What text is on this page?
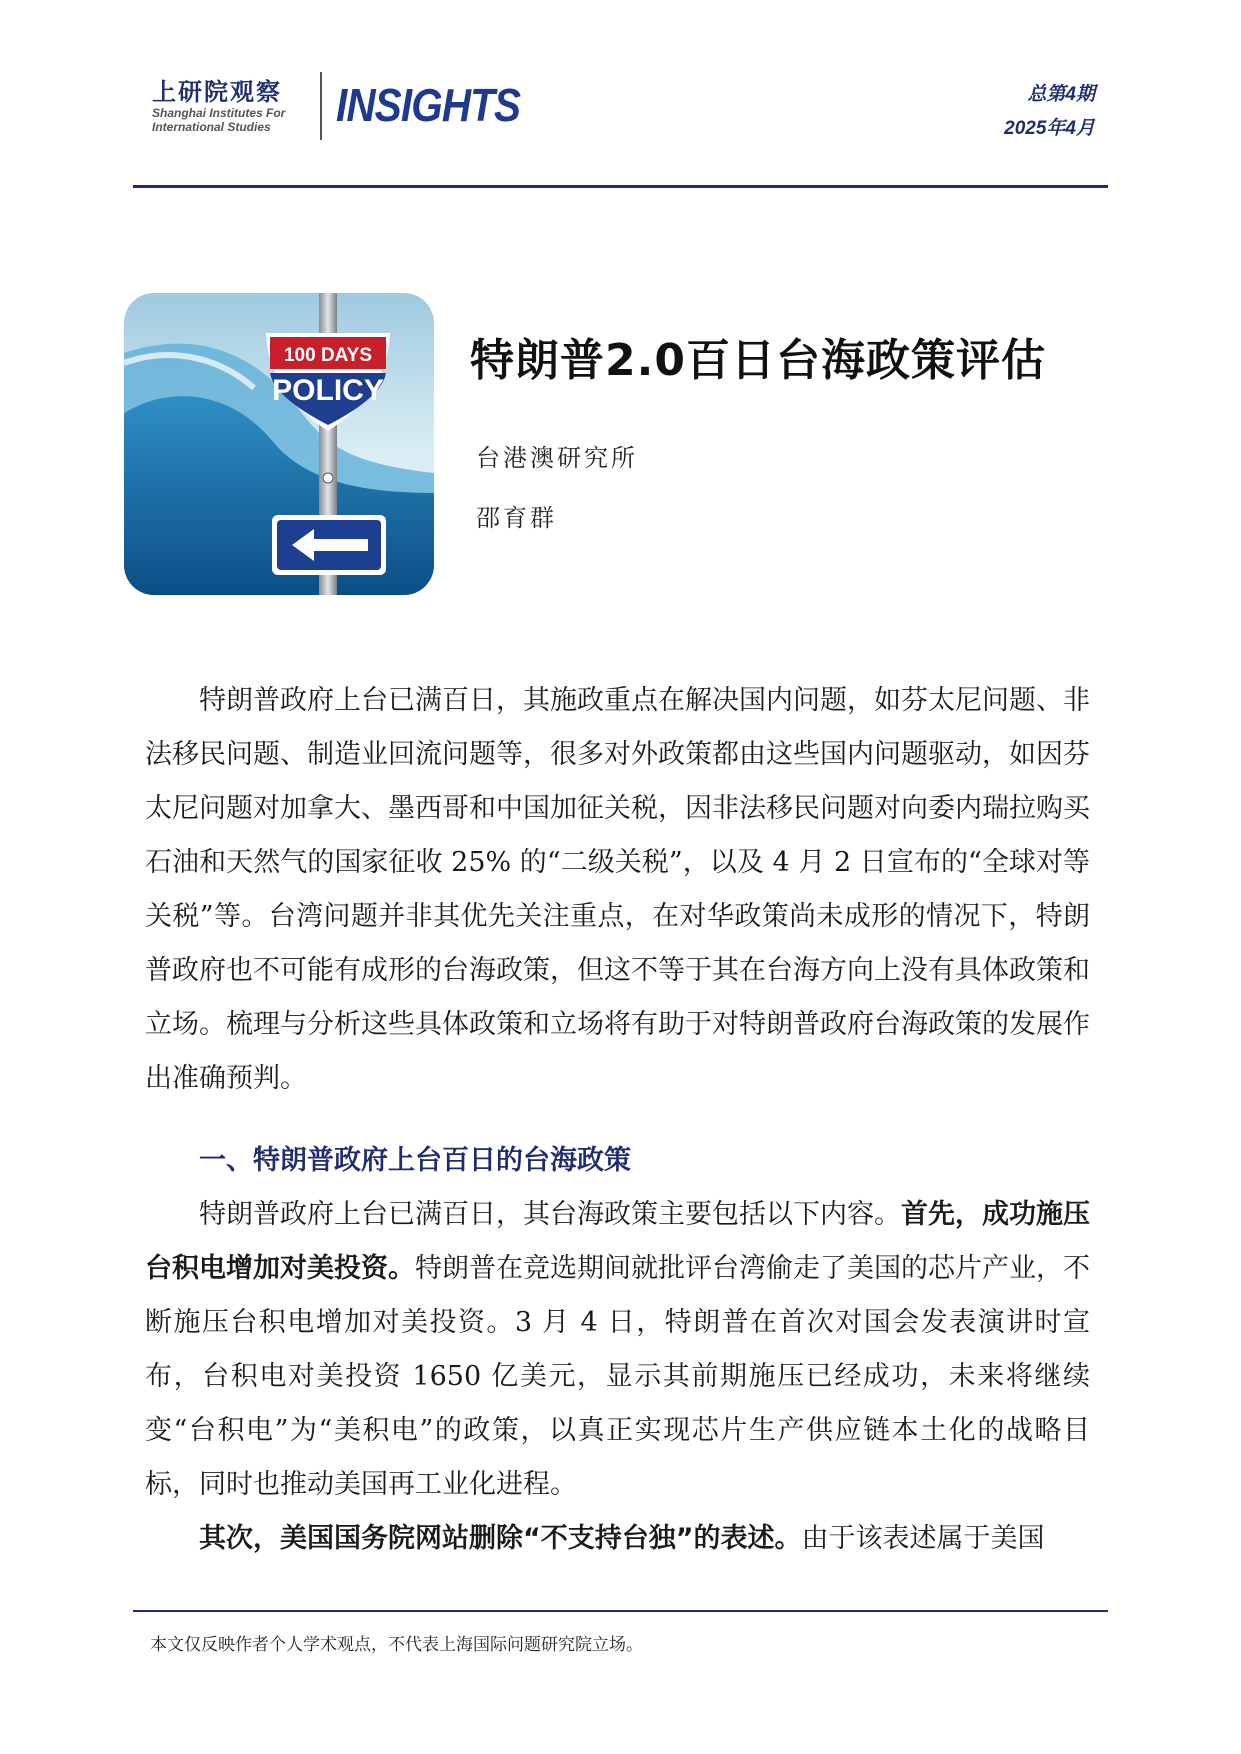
上研院观察
Shanghai Institutes For
International Studies	INSIGHTS	总第4期
2025年4月
100 DAYS
POLICY
特朗普2.0百日台海政策评估
台港澳研究所
邵育群

特朗普政府上台已满百日，其施政重点在解决国内问题，如芬太尼问题、非法移民问题、制造业回流问题等，很多对外政策都由这些国内问题驱动，如因芬太尼问题对加拿大、墨西哥和中国加征关税，因非法移民问题对向委内瑞拉购买石油和天然气的国家征收 25% 的“二级关税”，以及 4 月 2 日宣布的“全球对等关税”等。台湾问题并非其优先关注重点，在对华政策尚未成形的情况下，特朗普政府也不可能有成形的台海政策，但这不等于其在台海方向上没有具体政策和立场。梳理与分析这些具体政策和立场将有助于对特朗普政府台海政策的发展作出准确预判。

一、特朗普政府上台百日的台海政策

特朗普政府上台已满百日，其台海政策主要包括以下内容。首先，成功施压台积电增加对美投资。特朗普在竞选期间就批评台湾偷走了美国的芯片产业，不断施压台积电增加对美投资。3 月 4 日，特朗普在首次对国会发表演讲时宣布，台积电对美投资 1650 亿美元，显示其前期施压已经成功，未来将继续变“台积电”为“美积电”的政策，以真正实现芯片生产供应链本土化的战略目标，同时也推动美国再工业化进程。

其次，美国国务院网站删除“不支持台独”的表述。由于该表述属于美国

本文仅反映作者个人学术观点，不代表上海国际问题研究院立场。
